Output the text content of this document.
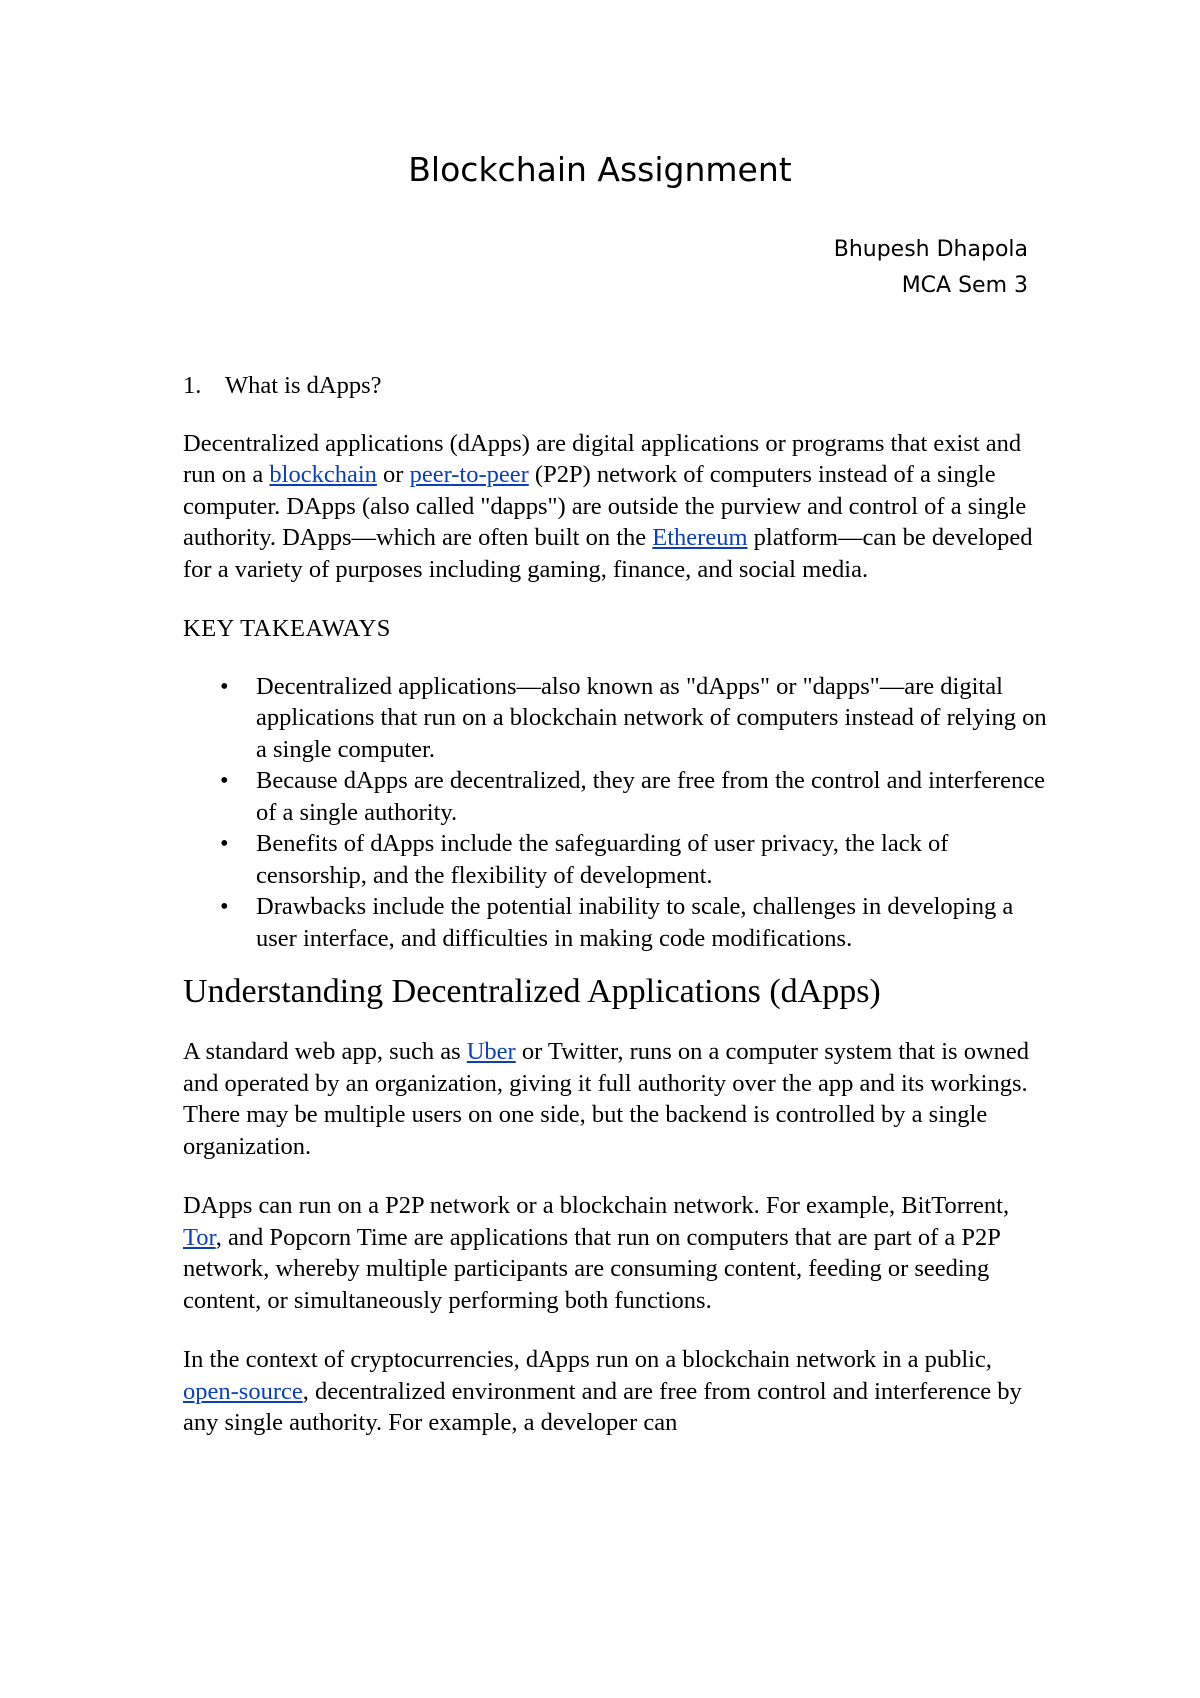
Blockchain Assignment
Bhupesh Dhapola
MCA Sem 3
1. What is dApps?

Decentralized applications (dApps) are digital applications or programs that exist and run on a blockchain or peer-to-peer (P2P) network of computers instead of a single computer. DApps (also called "dapps") are outside the purview and control of a single authority. DApps—which are often built on the Ethereum platform—can be developed for a variety of purposes including gaming, finance, and social media.

KEY TAKEAWAYS
• Decentralized applications—also known as "dApps" or "dapps"—are digital applications that run on a blockchain network of computers instead of relying on a single computer.
• Because dApps are decentralized, they are free from the control and interference of a single authority.
• Benefits of dApps include the safeguarding of user privacy, the lack of censorship, and the flexibility of development.
• Drawbacks include the potential inability to scale, challenges in developing a user interface, and difficulties in making code modifications.
Understanding Decentralized Applications (dApps)

A standard web app, such as Uber or Twitter, runs on a computer system that is owned and operated by an organization, giving it full authority over the app and its workings. There may be multiple users on one side, but the backend is controlled by a single organization.

DApps can run on a P2P network or a blockchain network. For example, BitTorrent, Tor, and Popcorn Time are applications that run on computers that are part of a P2P network, whereby multiple participants are consuming content, feeding or seeding content, or simultaneously performing both functions.

In the context of cryptocurrencies, dApps run on a blockchain network in a public, open-source, decentralized environment and are free from control and interference by any single authority. For example, a developer can
